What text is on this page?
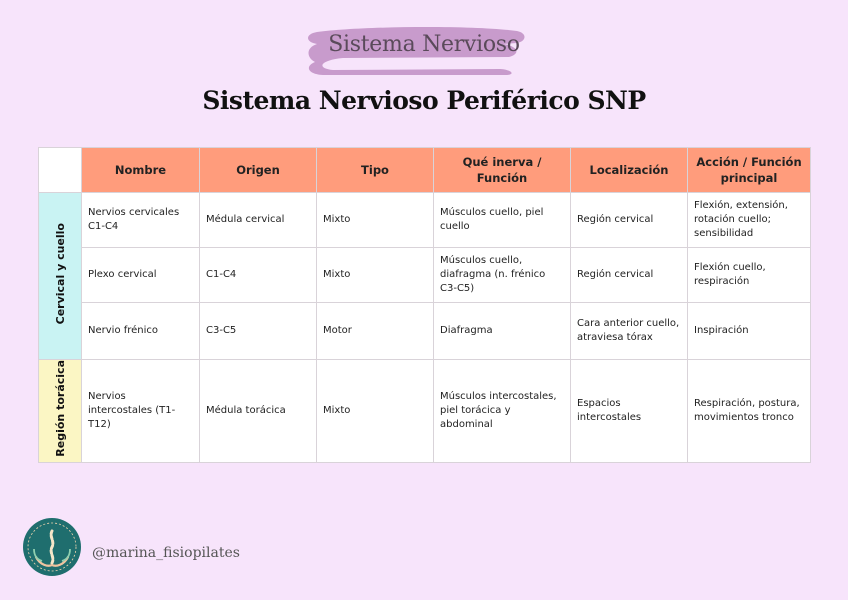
Sistema Nervioso
Sistema Nervioso Periférico SNP
	Nombre	Origen	Tipo	Qué inerva / Función	Localización	Acción / Función principal
Cervical y cuello	Nervios cervicales C1-C4	Médula cervical	Mixto	Músculos cuello, piel cuello	Región cervical	Flexión, extensión, rotación cuello; sensibilidad
	Plexo cervical	C1-C4	Mixto	Músculos cuello, diafragma (n. frénico C3-C5)	Región cervical	Flexión cuello, respiración
	Nervio frénico	C3-C5	Motor	Diafragma	Cara anterior cuello, atraviesa tórax	Inspiración
Región torácica	Nervios intercostales (T1-T12)	Médula torácica	Mixto	Músculos intercostales, piel torácica y abdominal	Espacios intercostales	Respiración, postura, movimientos tronco
@marina_fisiopilates
